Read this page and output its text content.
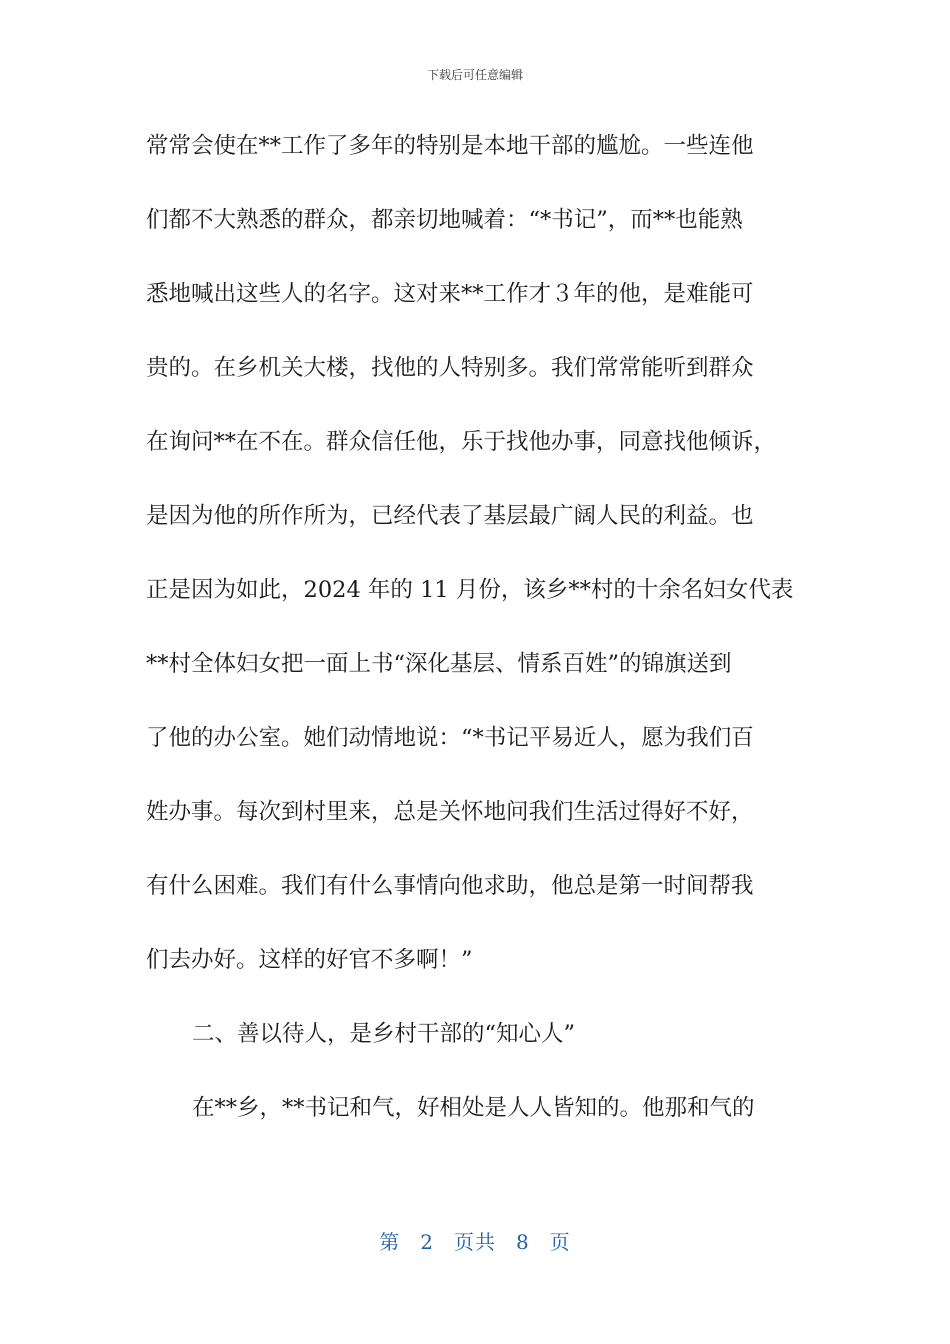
下载后可任意编辑
常常会使在**工作了多年的特别是本地干部的尴尬。一些连他
们都不大熟悉的群众，都亲切地喊着：“*书记”，而**也能熟
悉地喊出这些人的名字。这对来**工作才３年的他，是难能可
贵的。在乡机关大楼，找他的人特别多。我们常常能听到群众
在询问**在不在。群众信任他，乐于找他办事，同意找他倾诉，
是因为他的所作所为，已经代表了基层最广阔人民的利益。也
正是因为如此，2024 年的 11 月份，该乡**村的十余名妇女代表
**村全体妇女把一面上书“深化基层、情系百姓”的锦旗送到
了他的办公室。她们动情地说：“*书记平易近人，愿为我们百
姓办事。每次到村里来，总是关怀地问我们生活过得好不好，
有什么困难。我们有什么事情向他求助，他总是第一时间帮我
们去办好。这样的好官不多啊！”
二、善以待人，是乡村干部的“知心人”
在**乡，**书记和气，好相处是人人皆知的。他那和气的
第 2 页共 8 页
